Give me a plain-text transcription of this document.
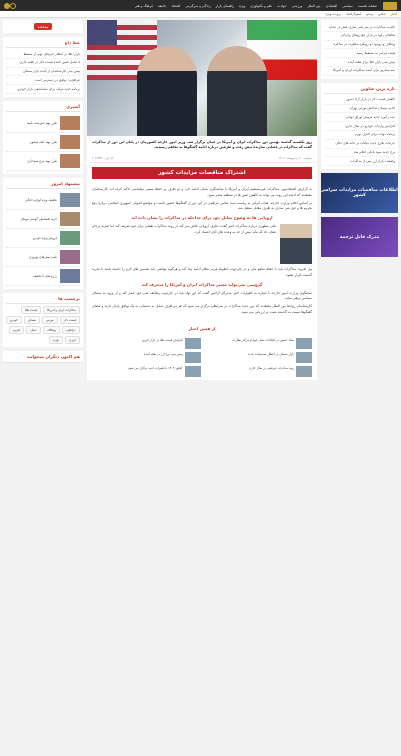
صفحه نخست
سیاسی
اقتصادی
بین الملل
ورزشی
حوادث
علم و تکنولوژی
ویژه
راهنمای بازار
زندگی و سرگرمی
اقتصاد
جامعه
فرهنگ و هنر
اخبار
عکس
ویدئو
اینفوگرافیک
پرونده ویژه
تکذیب مذاکرات بر سر غنی سازی صفر در عمان
تقاضای رکود در بازار خودروهای وارداتی
ویتکاف و روبیو؛ دو رویکرد متفاوت در مذاکره
هیئت ایرانی به مسقط رسید
پیش بینی بازار طلا برای هفته آینده
سه سناریو برای آینده مذاکرات ایران و آمریکا
تازه ترین عناوین
کاهش قیمت دلار در بازار آزاد امروز
ادامه نوسان شاخص بورس تهران
ثبت رکورد جدید فروش اوراق دولتی
افزایش واردات خودرو در سال جاری
برنامه دولت برای کنترل تورم
جزئیات طرح جدید مالیات بر خانه های خالی
نرخ جدید سود بانکی اعلام شد
وضعیت بازار ارز پس از مذاکرات
اطلاعات مناقصات مزایدات سراسر کشور
مدرک قابل ترجمه
روز یکشنبه گذشته نهمین دور مذاکرات ایران و آمریکا در عمان برگزار شد. وزیر امور خارجه کشورمان در پایان این دور از مذاکرات گفت که مذاکرات در فضایی سازنده پیش رفت و طرفین درباره ادامه گفتگوها به تفاهم رسیدند.
دوشنبه ۲۰ اردیبهشت ۱۴۰۴
کد خبر: ۲۰۴۵۳۸۱
اشتراک مناقصات مزایدات کشور

به گزارش اقتصادنیوز، مذاکرات غیرمستقیم ایران و آمریکا با میانجیگری عمان ادامه دارد و دو طرف بر حفظ مسیر دیپلماسی تاکید کرده اند. کارشناسان معتقدند که ادامه این روند می تواند به کاهش تنش ها در منطقه منجر شود.

بر اساس اعلام وزارت خارجه، هیات ایرانی به ریاست سید عباس عراقچی در این دور از گفتگوها حضور داشت و مواضع اصولی جمهوری اسلامی درباره رفع تحریم ها و حق غنی سازی به طرف مقابل منتقل شد.

اروپایی ها به وضوح تمایل خود برای مداخله در مذاکرات را نشان داده اند

علی مطهری درباره مذاکرات اخیر گفت: طرف اروپایی تلاش می کند در روند مذاکرات نقشی برای خود تعریف کند اما تجربه برجام نشان داد که نباید بیش از حد به وعده های آنان اعتماد کرد.

وی افزود: مذاکرات باید با حفظ منافع ملی و در چارچوب خطوط قرمز نظام ادامه پیدا کند و هرگونه توافقی باید تضمین های لازم را داشته باشد تا تجربه گذشته تکرار نشود.

گروسی نمی‌تواند مسیر مذاکرات ایران و آمریکا را منحرف کند

سخنگوی وزارت امور خارجه با اشاره به اظهارات اخیر مدیرکل آژانس گفت که این نهاد باید در چارچوب وظایف فنی خود عمل کند و از ورود به مسائل سیاسی پرهیز نماید.

کارشناسان روابط بین الملل معتقدند که دور جدید مذاکرات در شرایطی برگزار می شود که هر دو طرف تمایل به دستیابی به یک توافق پایدار دارند و فضای گفتگوها نسبت به گذشته مثبت تر ارزیابی می شود.

از همین اخبار
ستاد حضور در انتخابات نسل چهارم مراکز نظارت
افزایش قیمت طلا در بازار امروز
بازار مسکن در انتظار تصمیمات جدید
پیش بینی نرخ ارز در هفته آینده
روند صادرات غیرنفتی در سال جاری
کنکور ۱۴۰۴ با تغییرات جدید برگزار می شود
مشاهده
خط داغ
بازار طلا در انتظار خبرهای مهم از مسقط
۵ عامل تعیین کننده قیمت دلار در هفته جاری
پیش بینی کارشناسان از آینده بازار مسکن
عراقچی: توافق در دسترس است
برنامه جدید دولت برای ساماندهی بازار خودرو
آشپزی
طرز تهیه خورشت بامیه
طرز تهیه کیک شیفون
طرز تهیه مرغ سوخاری
پیشنهاد امروز
تخفیف ویژه لوازم خانگی
خرید اقساطی گوشی موبایل
فروش ویژه خودرو
بلیت سفرهای نوروزی
رزرو هتل با تخفیف
برچسب ها
مذاکرات ایران و آمریکا
قیمت طلا
قیمت دلار
بورس
مسکن
خودرو
عراقچی
ویتکاف
عمان
تحریم
انرژی
تورم
هم اکنون دیگران میخوانند
